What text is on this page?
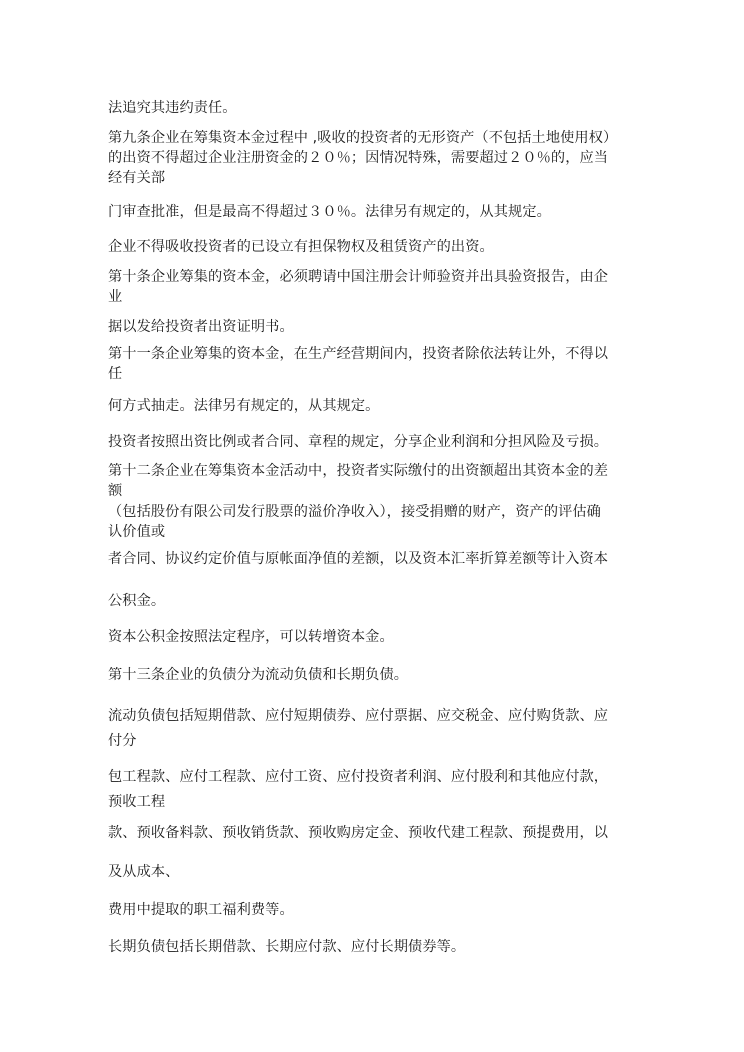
法追究其违约责任。
第九条企业在筹集资本金过程中 ,吸收的投资者的无形资产（不包括土地使用权）
的出资不得超过企业注册资金的２０％；因情况特殊，需要超过２０％的，应当
经有关部
门审查批准，但是最高不得超过３０％。法律另有规定的，从其规定。
企业不得吸收投资者的已设立有担保物权及租赁资产的出资。
第十条企业筹集的资本金，必须聘请中国注册会计师验资并出具验资报告，由企
业
据以发给投资者出资证明书。
第十一条企业筹集的资本金，在生产经营期间内，投资者除依法转让外，不得以
任
何方式抽走。法律另有规定的，从其规定。
投资者按照出资比例或者合同、章程的规定，分享企业利润和分担风险及亏损。
第十二条企业在筹集资本金活动中，投资者实际缴付的出资额超出其资本金的差
额
（包括股份有限公司发行股票的溢价净收入），接受捐赠的财产，资产的评估确
认价值或
者合同、协议约定价值与原帐面净值的差额，以及资本汇率折算差额等计入资本
公积金。
资本公积金按照法定程序，可以转增资本金。
第十三条企业的负债分为流动负债和长期负债。
流动负债包括短期借款、应付短期债券、应付票据、应交税金、应付购货款、应
付分
包工程款、应付工程款、应付工资、应付投资者利润、应付股利和其他应付款，
预收工程
款、预收备料款、预收销货款、预收购房定金、预收代建工程款、预提费用，以
及从成本、
费用中提取的职工福利费等。
长期负债包括长期借款、长期应付款、应付长期债券等。
